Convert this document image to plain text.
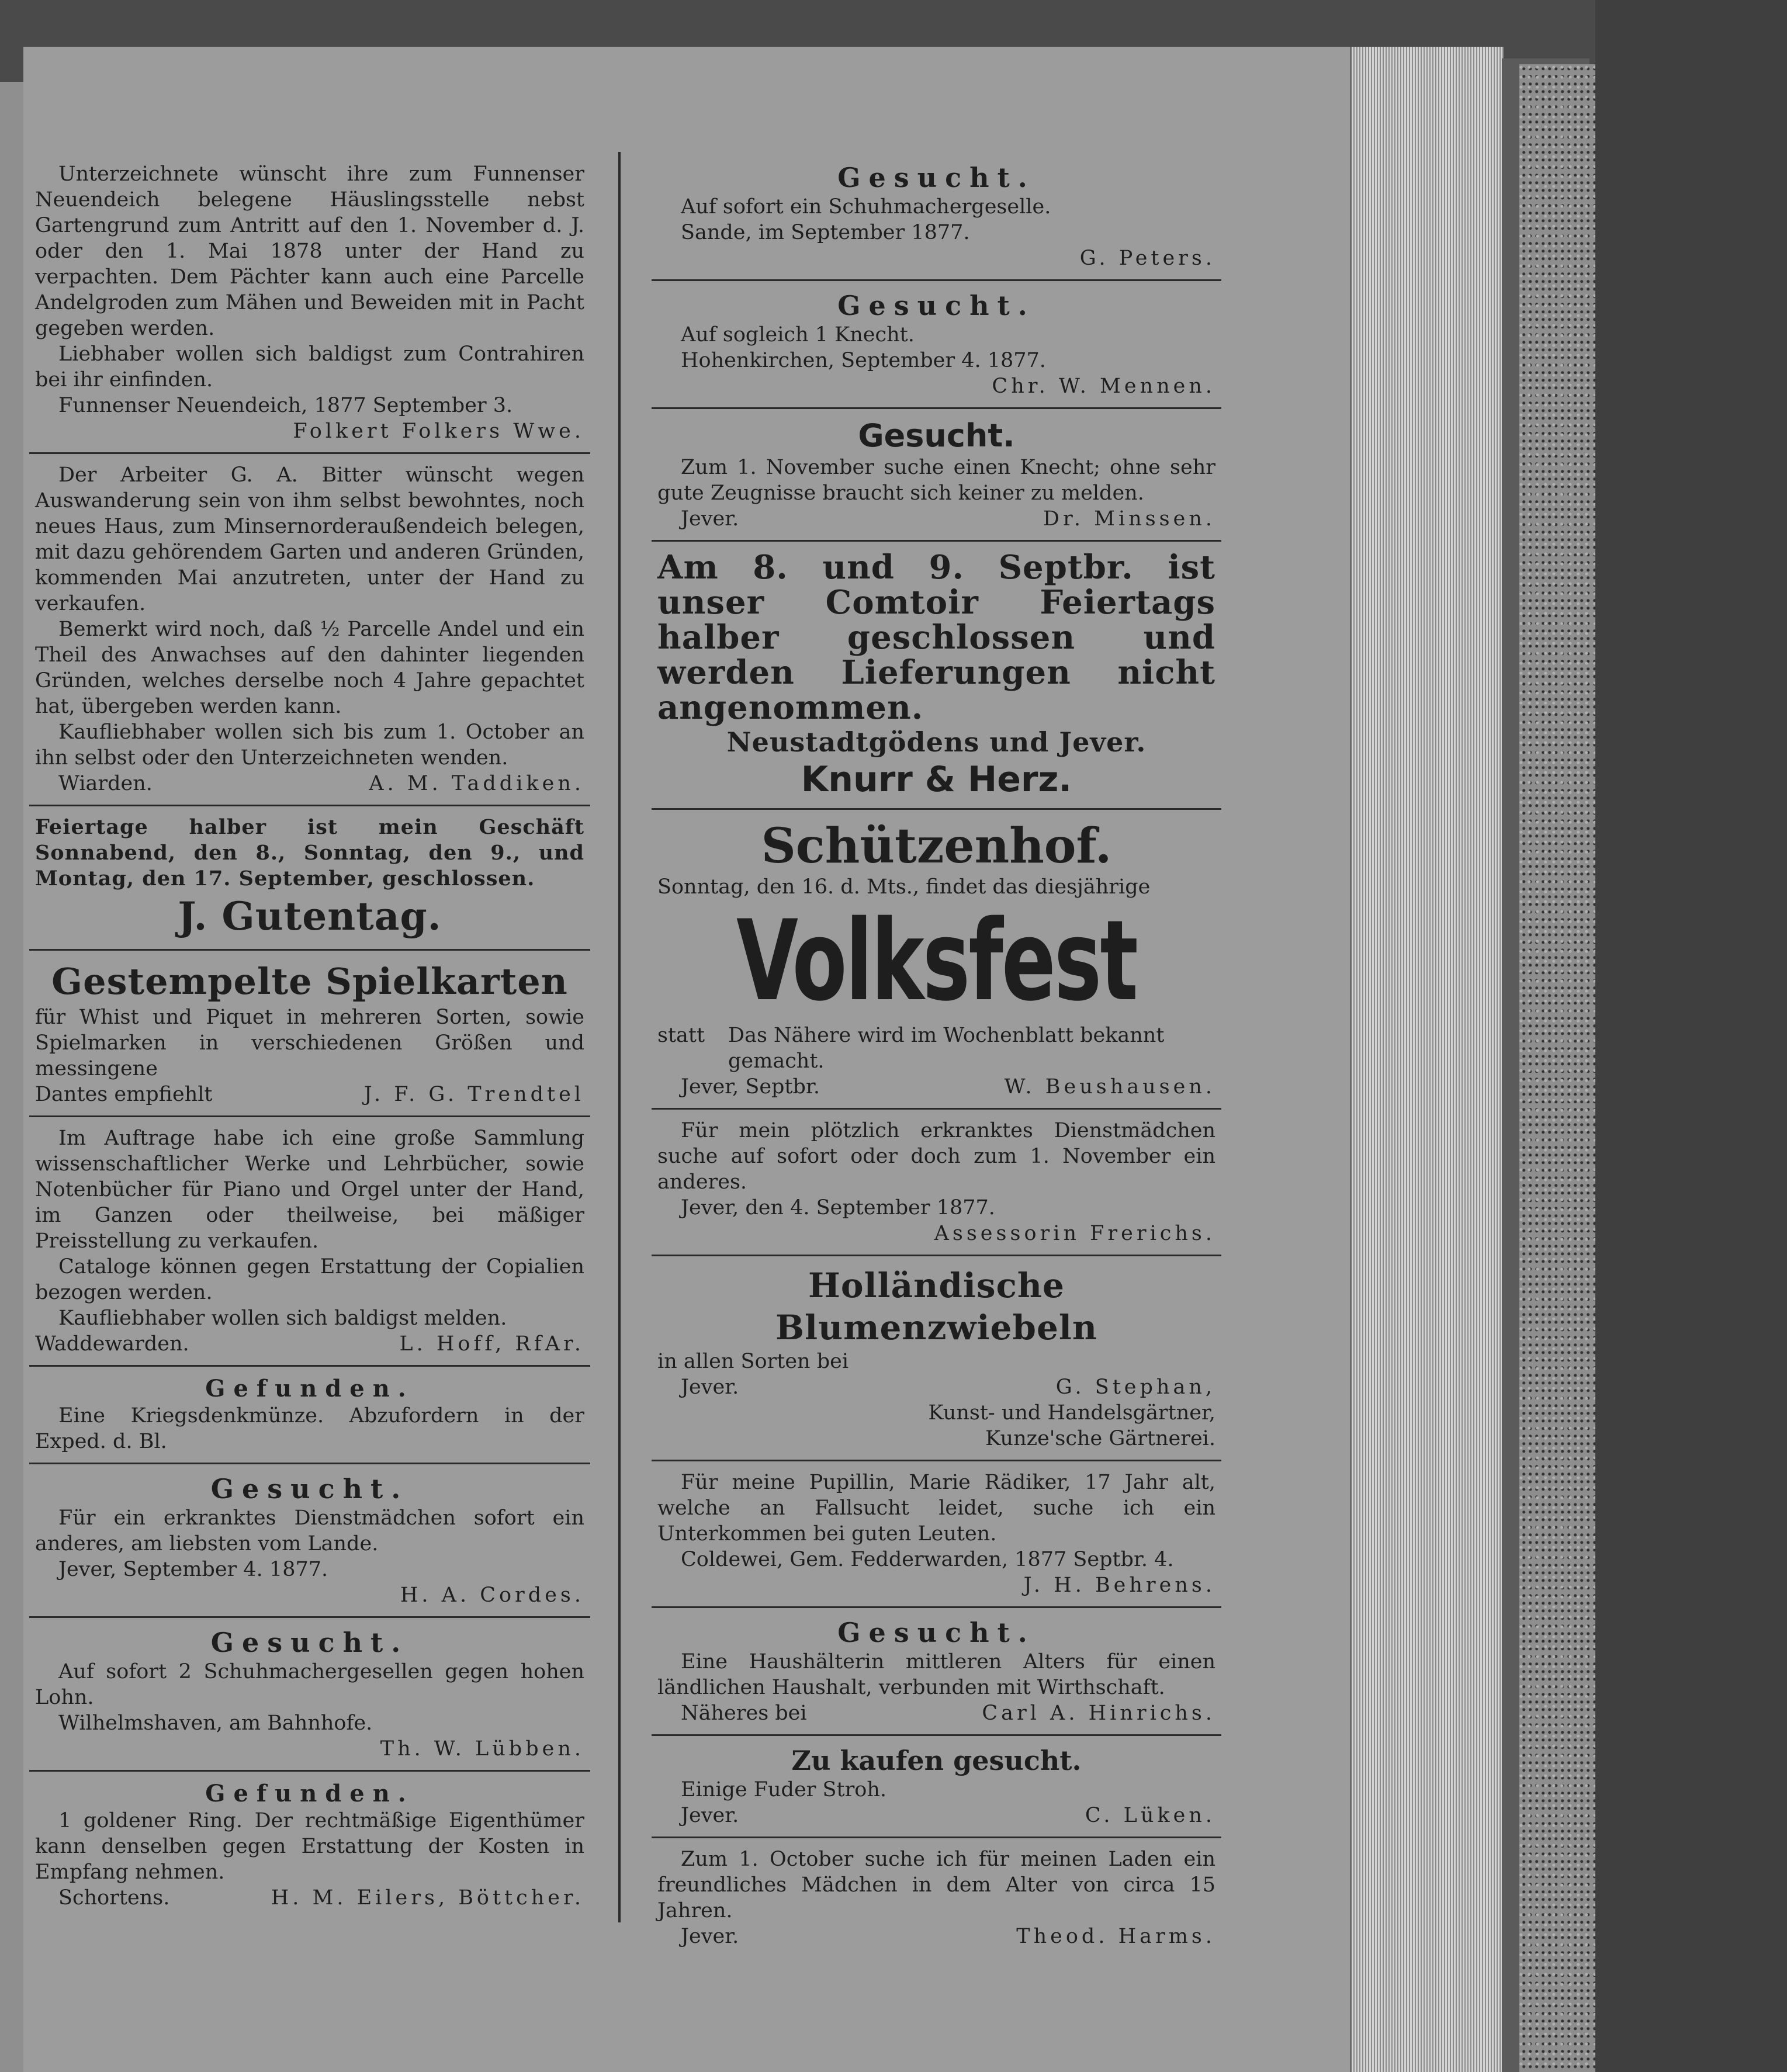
Unterzeichnete wünscht ihre zum Funnenser Neuendeich belegene Häuslingsstelle nebst Gartengrund zum Antritt auf den 1. November d. J. oder den 1. Mai 1878 unter der Hand zu verpachten. Dem Pächter kann auch eine Parcelle Andelgroden zum Mähen und Beweiden mit in Pacht gegeben werden.

Liebhaber wollen sich baldigst zum Contrahiren bei ihr einfinden.

Funnenser Neuendeich, 1877 September 3.
Folkert Folkers Wwe.

Der Arbeiter G. A. Bitter wünscht wegen Auswanderung sein von ihm selbst bewohntes, noch neues Haus, zum Minsernorderaußendeich belegen, mit dazu gehörendem Garten und anderen Gründen, kommenden Mai anzutreten, unter der Hand zu verkaufen.

Bemerkt wird noch, daß ½ Parcelle Andel und ein Theil des Anwachses auf den dahinter liegenden Gründen, welches derselbe noch 4 Jahre gepachtet hat, übergeben werden kann.

Kaufliebhaber wollen sich bis zum 1. October an ihn selbst oder den Unterzeichneten wenden.

Wiarden.	A. M. Taddiken.

Feiertage halber ist mein Geschäft Sonnabend, den 8., Sonntag, den 9., und Montag, den 17. September, geschlossen.

J. Gutentag.

Gestempelte Spielkarten

für Whist und Piquet in mehreren Sorten, sowie Spielmarken in verschiedenen Größen und messingene

Dantes empfiehlt	J. F. G. Trendtel

Im Auftrage habe ich eine große Sammlung wissenschaftlicher Werke und Lehrbücher, sowie Notenbücher für Piano und Orgel unter der Hand, im Ganzen oder theilweise, bei mäßiger Preisstellung zu verkaufen.

Cataloge können gegen Erstattung der Copialien bezogen werden.

Kaufliebhaber wollen sich baldigst melden.

Waddewarden.	L. Hoff, RfAr.
Gefunden.

Eine Kriegsdenkmünze. Abzufordern in der Exped. d. Bl.

Gesucht.

Für ein erkranktes Dienstmädchen sofort ein anderes, am liebsten vom Lande.

Jever, September 4. 1877.
H. A. Cordes.
Gesucht.

Auf sofort 2 Schuhmachergesellen gegen hohen Lohn.

Wilhelmshaven, am Bahnhofe.
Th. W. Lübben.
Gefunden.

1 goldener Ring. Der rechtmäßige Eigenthümer kann denselben gegen Erstattung der Kosten in Empfang nehmen.

Schortens.	H. M. Eilers, Böttcher.
Gesucht.

Auf sofort ein Schuhmachergeselle.

Sande, im September 1877.
G. Peters.
Gesucht.

Auf sogleich 1 Knecht.

Hohenkirchen, September 4. 1877.
Chr. W. Mennen.
Gesucht.

Zum 1. November suche einen Knecht; ohne sehr gute Zeugnisse braucht sich keiner zu melden.

Jever.	Dr. Minssen.

Am 8. und 9. Septbr. ist unser Comtoir Feiertags halber geschlossen und werden Lieferungen nicht angenommen.

Neustadtgödens und Jever.

Knurr & Herz.
Schützenhof.

Sonntag, den 16. d. Mts., findet das diesjährige

Volksfest
statt	Das Nähere wird im Wochenblatt bekannt gemacht.
Jever, Septbr.	W. Beushausen.

Für mein plötzlich erkranktes Dienstmädchen suche auf sofort oder doch zum 1. November ein anderes.

Jever, den 4. September 1877.
Assessorin Frerichs.
Holländische Blumenzwiebeln

in allen Sorten bei

Jever.	G. Stephan,
Kunst- und Handelsgärtner,
Kunze'sche Gärtnerei.

Für meine Pupillin, Marie Rädiker, 17 Jahr alt, welche an Fallsucht leidet, suche ich ein Unterkommen bei guten Leuten.

Coldewei, Gem. Fedderwarden, 1877 Septbr. 4.
J. H. Behrens.
Gesucht.

Eine Haushälterin mittleren Alters für einen ländlichen Haushalt, verbunden mit Wirthschaft.

Näheres bei	Carl A. Hinrichs.
Zu kaufen gesucht.

Einige Fuder Stroh.

Jever.	C. Lüken.

Zum 1. October suche ich für meinen Laden ein freundliches Mädchen in dem Alter von circa 15 Jahren.

Jever.	Theod. Harms.
